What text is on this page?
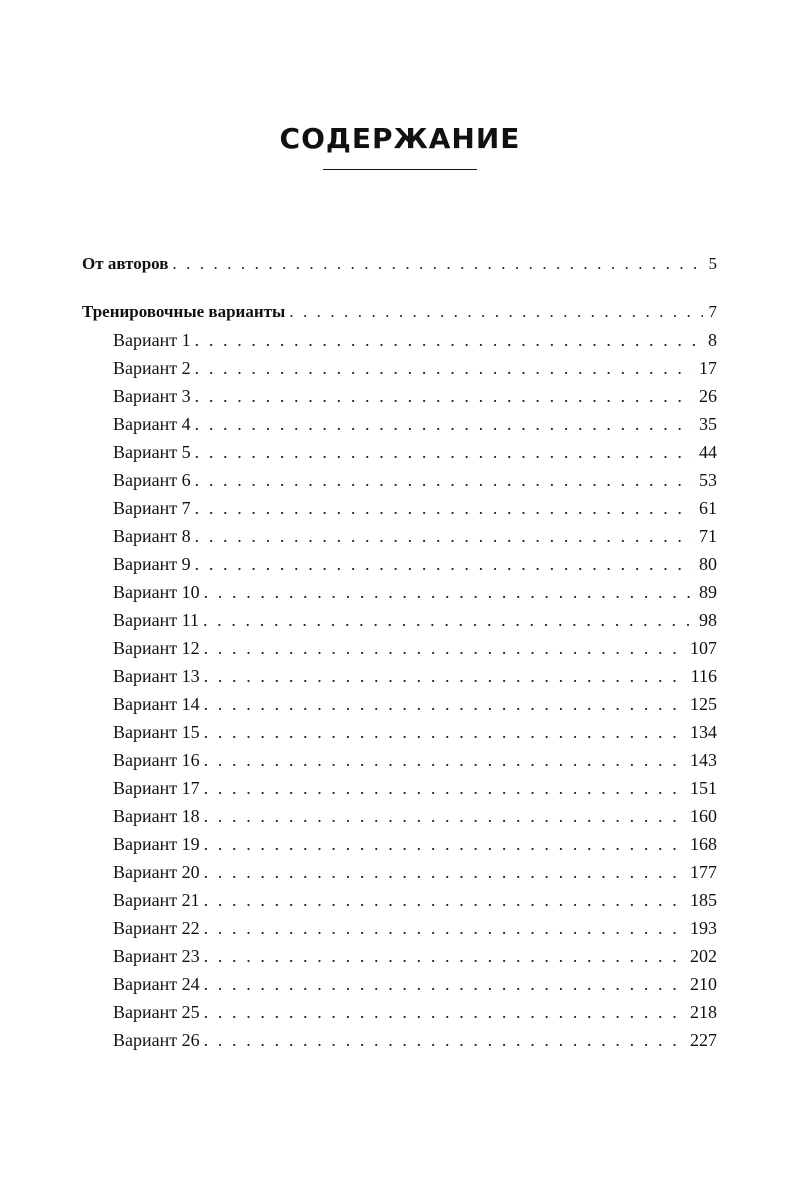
СОДЕРЖАНИЕ
От авторов . . .	5
Тренировочные варианты . . .	7
Вариант 1 . . .	8
Вариант 2 . . .	17
Вариант 3 . . .	26
Вариант 4 . . .	35
Вариант 5 . . .	44
Вариант 6 . . .	53
Вариант 7 . . .	61
Вариант 8 . . .	71
Вариант 9 . . .	80
Вариант 10 . . .	89
Вариант 11 . . .	98
Вариант 12 . . .	107
Вариант 13 . . .	116
Вариант 14 . . .	125
Вариант 15 . . .	134
Вариант 16 . . .	143
Вариант 17 . . .	151
Вариант 18 . . .	160
Вариант 19 . . .	168
Вариант 20 . . .	177
Вариант 21 . . .	185
Вариант 22 . . .	193
Вариант 23 . . .	202
Вариант 24 . . .	210
Вариант 25 . . .	218
Вариант 26 . . .	227
